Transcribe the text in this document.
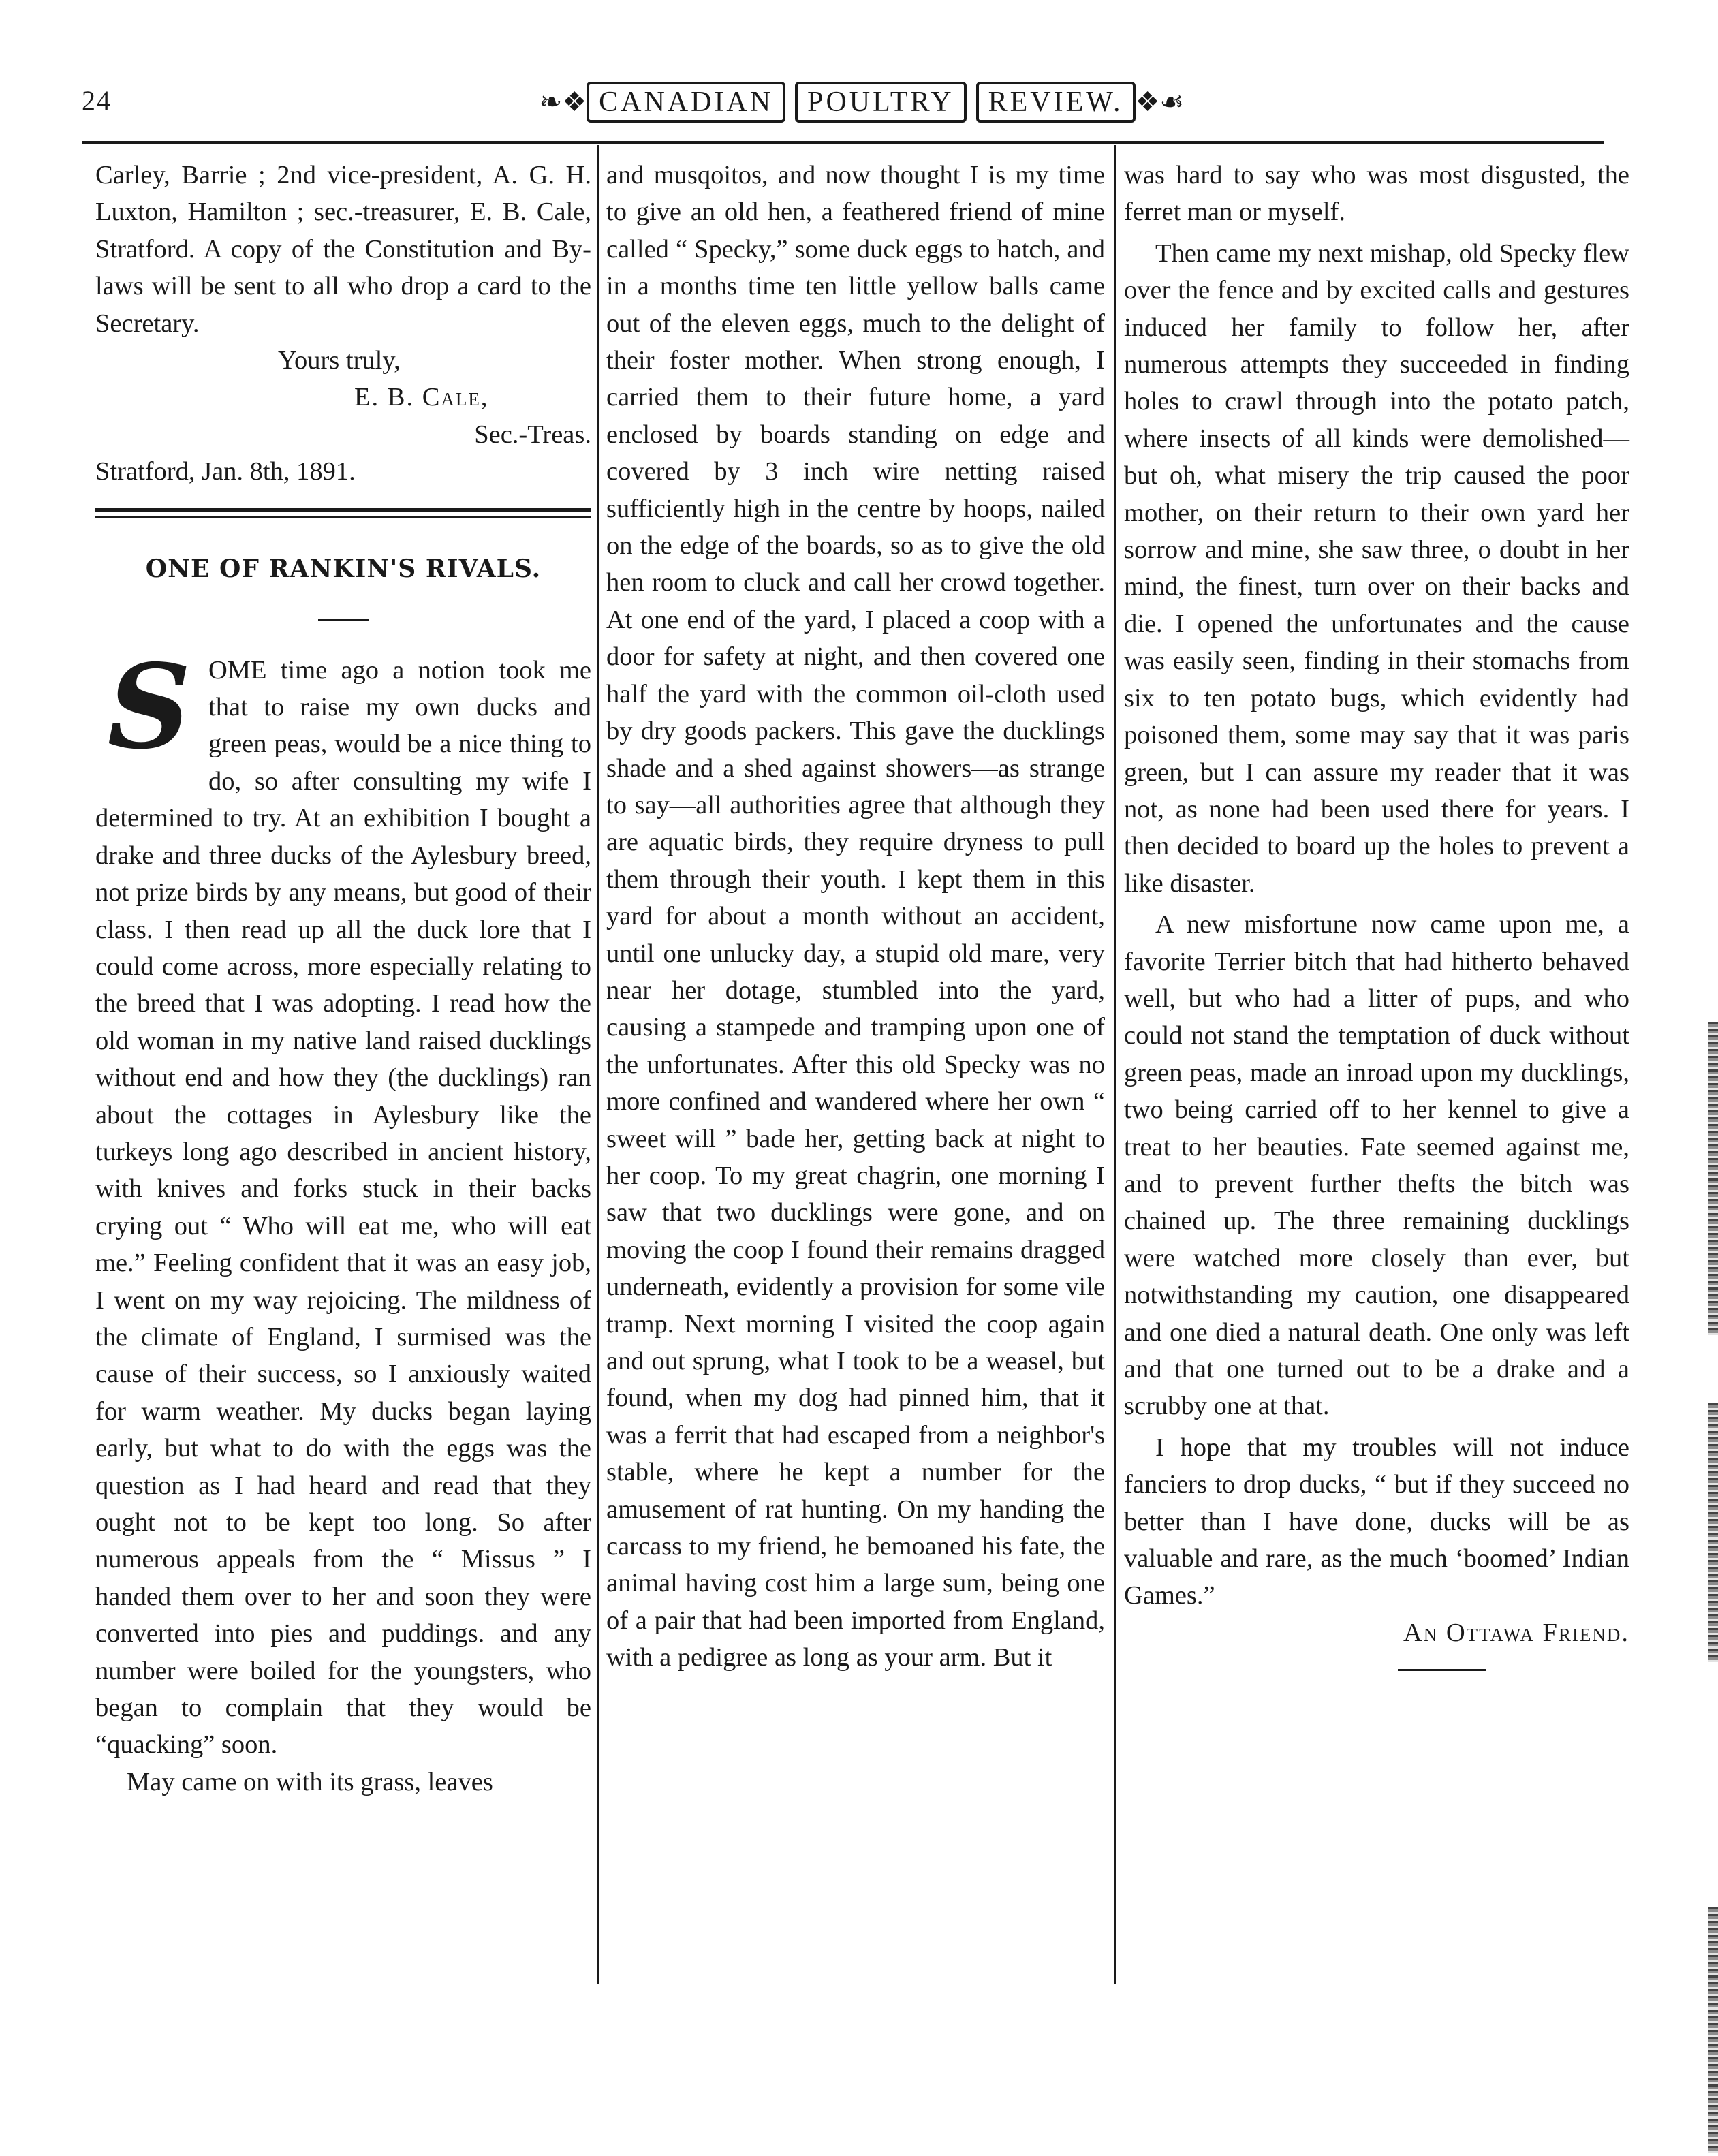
24	❧❖ CANADIAN	POULTRY	REVIEW. ❖☙

Carley, Barrie ; 2nd vice-president, A. G. H. Luxton, Hamilton ; sec.-treasurer, E. B. Cale, Stratford. A copy of the Constitution and By-laws will be sent to all who drop a card to the Secretary.

Yours truly,

E. B. Cale,

Sec.-Treas.

Stratford, Jan. 8th, 1891.

ONE OF RANKIN'S RIVALS.

SOME time ago a notion took me that to raise my own ducks and green peas, would be a nice thing to do, so after consulting my wife I determined to try. At an exhibition I bought a drake and three ducks of the Aylesbury breed, not prize birds by any means, but good of their class. I then read up all the duck lore that I could come across, more especially relating to the breed that I was adopting. I read how the old woman in my native land raised ducklings without end and how they (the ducklings) ran about the cottages in Aylesbury like the turkeys long ago described in ancient history, with knives and forks stuck in their backs crying out “ Who will eat me, who will eat me.” Feeling confident that it was an easy job, I went on my way rejoicing. The mildness of the climate of England, I surmised was the cause of their success, so I anxiously waited for warm weather. My ducks began laying early, but what to do with the eggs was the question as I had heard and read that they ought not to be kept too long. So after numerous appeals from the “ Missus ” I handed them over to her and soon they were converted into pies and puddings. and any number were boiled for the youngsters, who began to complain that they would be “quacking” soon.

May came on with its grass, leaves

and musqoitos, and now thought I is my time to give an old hen, a feathered friend of mine called “ Specky,” some duck eggs to hatch, and in a months time ten little yellow balls came out of the eleven eggs, much to the delight of their foster mother. When strong enough, I carried them to their future home, a yard enclosed by boards standing on edge and covered by 3 inch wire netting raised sufficiently high in the centre by hoops, nailed on the edge of the boards, so as to give the old hen room to cluck and call her crowd together. At one end of the yard, I placed a coop with a door for safety at night, and then covered one half the yard with the common oil-cloth used by dry goods packers. This gave the ducklings shade and a shed against showers—as strange to say—all authorities agree that although they are aquatic birds, they require dryness to pull them through their youth. I kept them in this yard for about a month without an accident, until one unlucky day, a stupid old mare, very near her dotage, stumbled into the yard, causing a stampede and tramping upon one of the unfortunates. After this old Specky was no more confined and wandered where her own “ sweet will ” bade her, getting back at night to her coop. To my great chagrin, one morning I saw that two ducklings were gone, and on moving the coop I found their remains dragged underneath, evidently a provision for some vile tramp. Next morning I visited the coop again and out sprung, what I took to be a weasel, but found, when my dog had pinned him, that it was a ferrit that had escaped from a neighbor's stable, where he kept a number for the amusement of rat hunting. On my handing the carcass to my friend, he bemoaned his fate, the animal having cost him a large sum, being one of a pair that had been imported from England, with a pedigree as long as your arm. But it

was hard to say who was most disgusted, the ferret man or myself.

Then came my next mishap, old Specky flew over the fence and by excited calls and gestures induced her family to follow her, after numerous attempts they succeeded in finding holes to crawl through into the potato patch, where insects of all kinds were demolished—but oh, what misery the trip caused the poor mother, on their return to their own yard her sorrow and mine, she saw three, o doubt in her mind, the finest, turn over on their backs and die. I opened the unfortunates and the cause was easily seen, finding in their stomachs from six to ten potato bugs, which evidently had poisoned them, some may say that it was paris green, but I can assure my reader that it was not, as none had been used there for years. I then decided to board up the holes to prevent a like disaster.

A new misfortune now came upon me, a favorite Terrier bitch that had hitherto behaved well, but who had a litter of pups, and who could not stand the temptation of duck without green peas, made an inroad upon my ducklings, two being carried off to her kennel to give a treat to her beauties. Fate seemed against me, and to prevent further thefts the bitch was chained up. The three remaining ducklings were watched more closely than ever, but notwithstanding my caution, one disappeared and one died a natural death. One only was left and that one turned out to be a drake and a scrubby one at that.

I hope that my troubles will not induce fanciers to drop ducks, “ but if they succeed no better than I have done, ducks will be as valuable and rare, as the much ‘boomed’ Indian Games.”

An Ottawa Friend.
